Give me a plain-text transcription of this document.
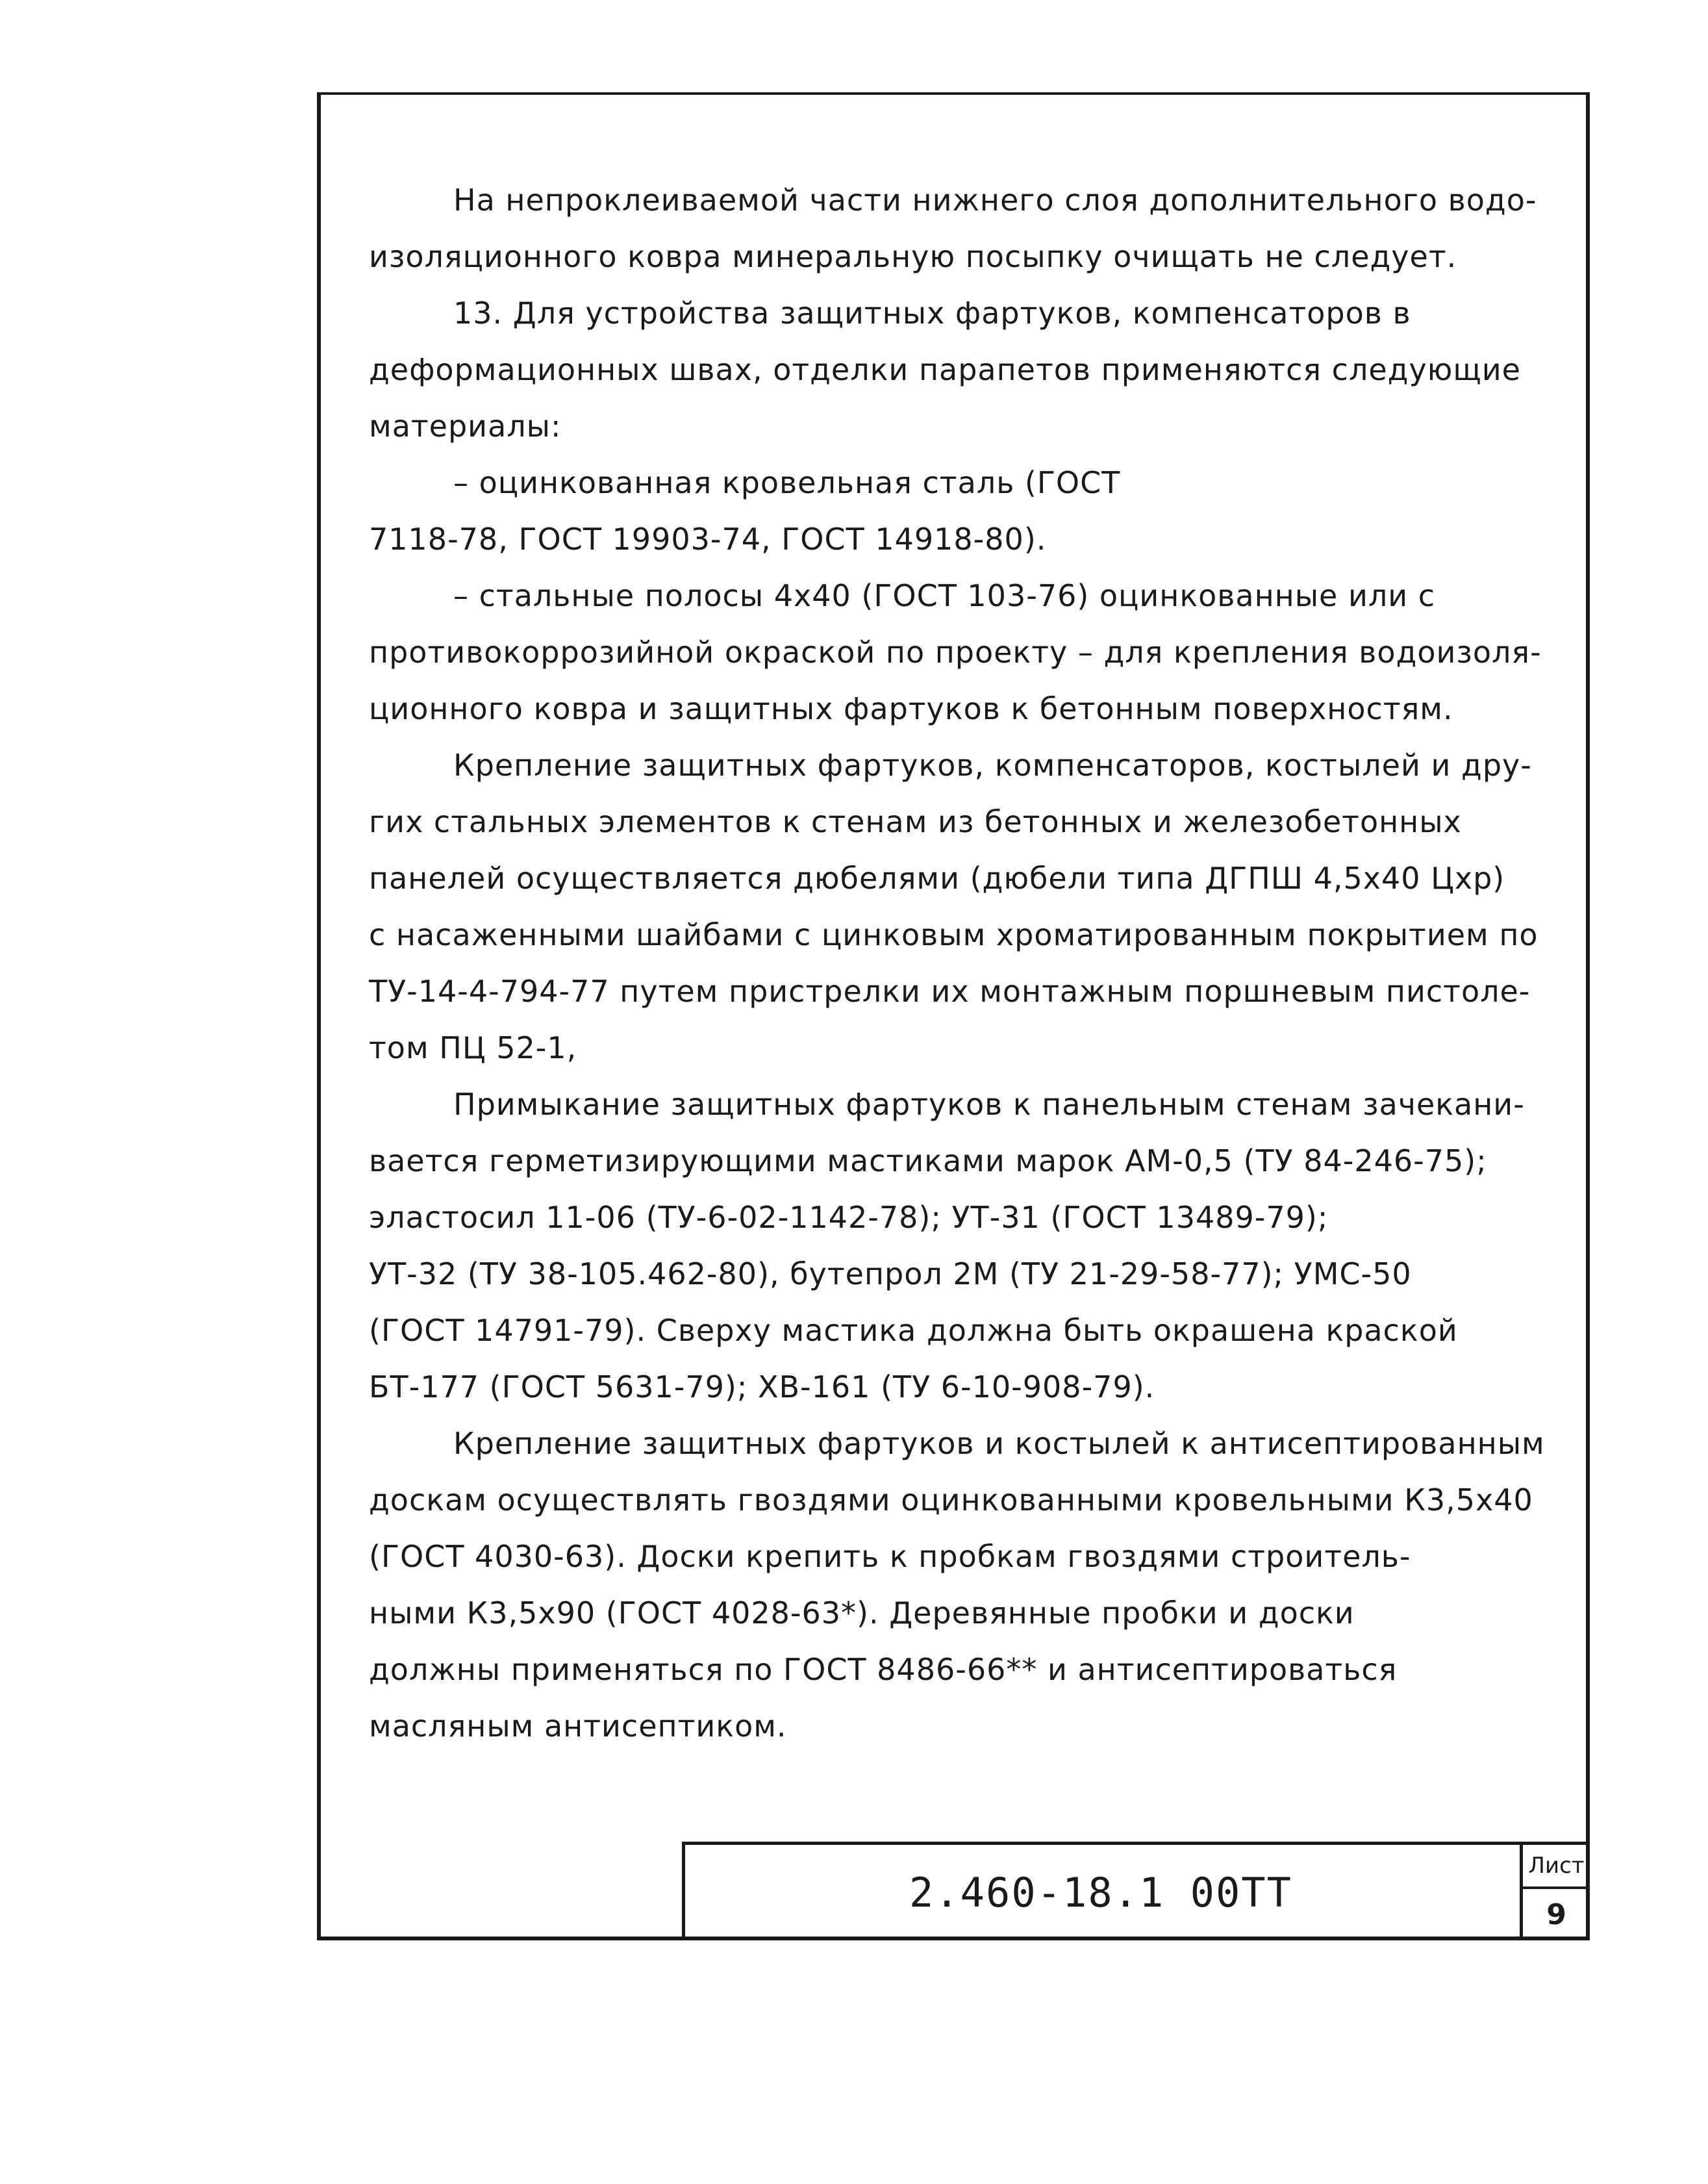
На непроклеиваемой части нижнего слоя дополнительного водо-
изоляционного ковра минеральную посыпку очищать не следует.
13. Для устройства защитных фартуков, компенсаторов в
деформационных швах, отделки парапетов применяются следующие
материалы:
– оцинкованная кровельная сталь (ГОСТ
7118-78, ГОСТ 19903-74, ГОСТ 14918-80).
– стальные полосы 4х40 (ГОСТ 103-76) оцинкованные или с
противокоррозийной окраской по проекту – для крепления водоизоля-
ционного ковра и защитных фартуков к бетонным поверхностям.
Крепление защитных фартуков, компенсаторов, костылей и дру-
гих стальных элементов к стенам из бетонных и железобетонных
панелей осуществляется дюбелями (дюбели типа ДГПШ 4,5х40 Цхр)
с насаженными шайбами с цинковым хроматированным покрытием по
ТУ-14-4-794-77 путем пристрелки их монтажным поршневым пистоле-
том ПЦ 52-1,
Примыкание защитных фартуков к панельным стенам зачекани-
вается герметизирующими мастиками марок АМ-0,5 (ТУ 84-246-75);
эластосил 11-06 (ТУ-6-02-1142-78); УТ-31 (ГОСТ 13489-79);
УТ-32 (ТУ 38-105.462-80), бутепрол 2М (ТУ 21-29-58-77); УМС-50
(ГОСТ 14791-79). Сверху мастика должна быть окрашена краской
БТ-177 (ГОСТ 5631-79); ХВ-161 (ТУ 6-10-908-79).
Крепление защитных фартуков и костылей к антисептированным
доскам осуществлять гвоздями оцинкованными кровельными К3,5х40
(ГОСТ 4030-63). Доски крепить к пробкам гвоздями строитель-
ными К3,5х90 (ГОСТ 4028-63*). Деревянные пробки и доски
должны применяться по ГОСТ 8486-66** и антисептироваться
масляным антисептиком.
2.460-18.1 00ТТ
Лист
9
